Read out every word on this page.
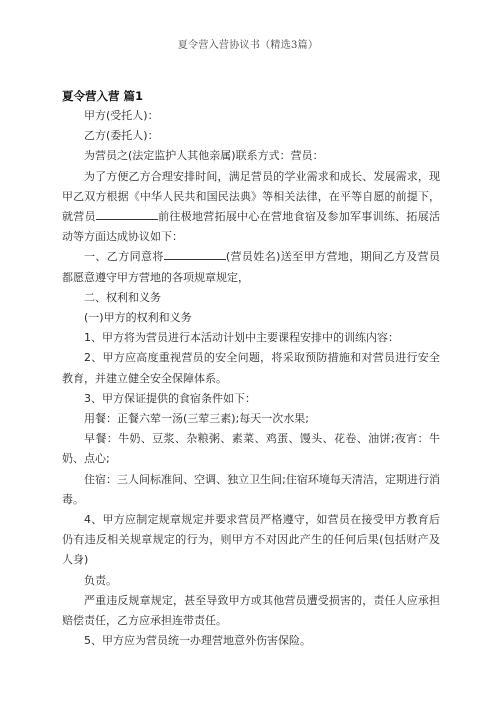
夏令营入营协议书（精选3篇）
夏令营入营 篇1

甲方(受托人)：

乙方(委托人)：

为营员之(法定监护人其他亲属)联系方式：营员：

为了方便乙方合理安排时间，满足营员的学业需求和成长、发展需求，现甲乙双方根据《中华人民共和国民法典》等相关法律，在平等自愿的前提下，就营员	前往极地营拓展中心在营地食宿及参加军事训练、拓展活动等方面达成协议如下：

一、乙方同意将	(营员姓名)送至甲方营地，期间乙方及营员都愿意遵守甲方营地的各项规章规定，

二、权利和义务

(一)甲方的权利和义务

1、甲方将为营员进行本活动计划中主要课程安排中的训练内容：

2、甲方应高度重视营员的安全问题，将采取预防措施和对营员进行安全教育，并建立健全安全保障体系。

3、甲方保证提供的食宿条件如下：

用餐：正餐六荤一汤(三荤三素);每天一次水果;

早餐：牛奶、豆浆、杂粮粥、素菜、鸡蛋、馒头、花卷、油饼;夜宵：牛奶、点心;

住宿：三人间标准间、空调、独立卫生间;住宿环境每天清洁，定期进行消毒。

4、甲方应制定规章规定并要求营员严格遵守，如营员在接受甲方教育后仍有违反相关规章规定的行为，则甲方不对因此产生的任何后果(包括财产及人身)

负责。

严重违反规章规定，甚至导致甲方或其他营员遭受损害的，责任人应承担赔偿责任，乙方应承担连带责任。

5、甲方应为营员统一办理营地意外伤害保险。
